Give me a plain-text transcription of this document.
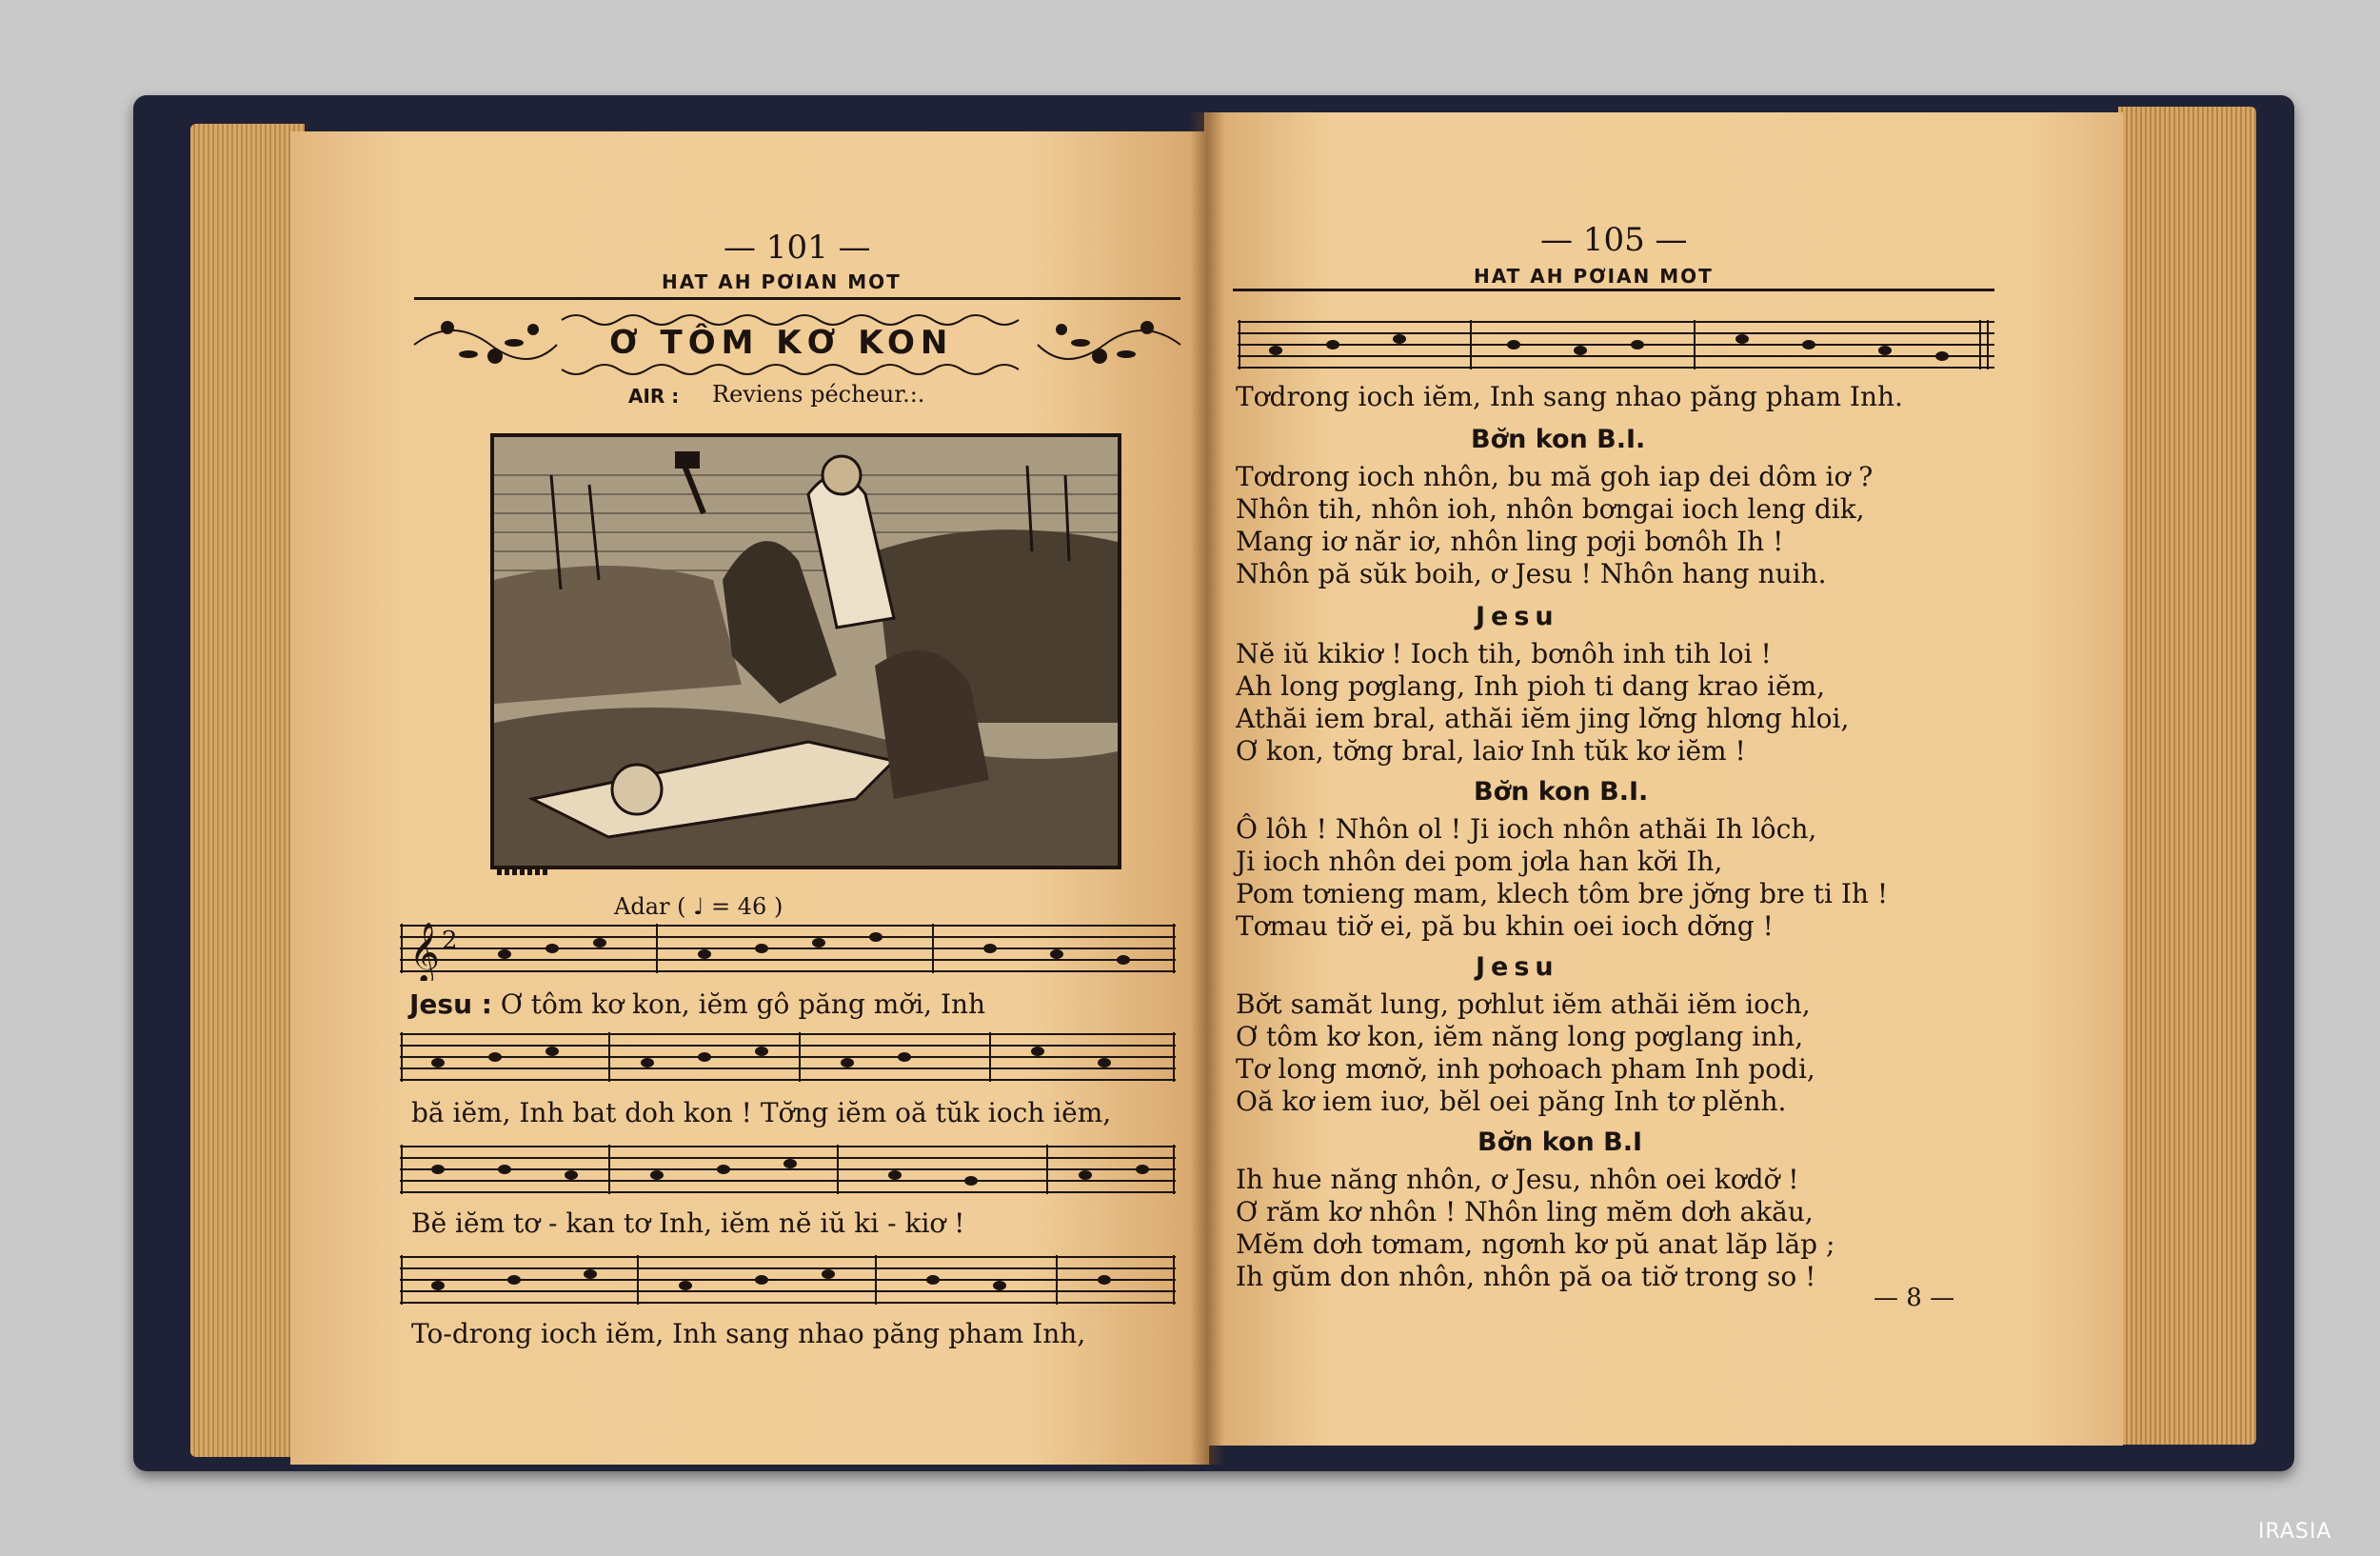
— 101 —
HAT AH PƠIAN MOT
Ơ TÔM KƠ KON
AIR : Reviens pécheur.:.
Adar ( ♩ = 46 )
𝄞 2
Jesu : Ơ tôm kơ kon, iĕm gô păng mơ̆i, Inh
bă iĕm, Inh bat doh kon ! Tơ̆ng iĕm oă tŭk ioch iĕm,
Bĕ iĕm tơ - kan tơ Inh, iĕm nĕ iŭ ki - kiơ !
To-drong ioch iĕm, Inh sang nhao păng pham Inh,
— 105 —
HAT AH PƠIAN MOT
Tơdrong ioch iĕm, Inh sang nhao păng pham Inh.
Bơ̆n kon B.I.
Tơdrong ioch nhôn, bu mă goh iap dei dôm iơ ?
Nhôn tih, nhôn ioh, nhôn bơngai ioch leng dik,
Mang iơ năr iơ, nhôn ling pơji bơnôh Ih !
Nhôn pă sŭk boih, ơ Jesu ! Nhôn hang nuih.
Jesu
Nĕ iŭ kikiơ ! Ioch tih, bơnôh inh tih loi !
Ah long pơglang, Inh pioh ti dang krao iĕm,
Athăi iem bral, athăi iĕm jing lơ̆ng hlơng hloi,
Ơ kon, tơ̆ng bral, laiơ Inh tŭk kơ iĕm !
Bơ̆n kon B.I.
Ô lôh ! Nhôn ol ! Ji ioch nhôn athăi Ih lôch,
Ji ioch nhôn dei pom jơla han kơ̆i Ih,
Pom tơnieng mam, klech tôm bre jơ̆ng bre ti Ih !
Tơmau tiơ̆ ei, pă bu khin oei ioch dơ̆ng !
Jesu
Bơ̆t samăt lung, pơhlut iĕm athăi iĕm ioch,
Ơ tôm kơ kon, iĕm năng long pơglang inh,
Tơ long mơnơ̆, inh pơhoach pham Inh podi,
Oă kơ iem iuơ, bĕl oei păng Inh tơ plĕnh.
Bơ̆n kon B.I
Ih hue năng nhôn, ơ Jesu, nhôn oei kơdơ̆ !
Ơ răm kơ nhôn ! Nhôn ling mĕm dơh akău,
Mĕm dơh tơmam, ngơnh kơ pŭ anat lăp lăp ;
Ih gŭm don nhôn, nhôn pă oa tiơ̆ trong so !
— 8 —
IRASIA
